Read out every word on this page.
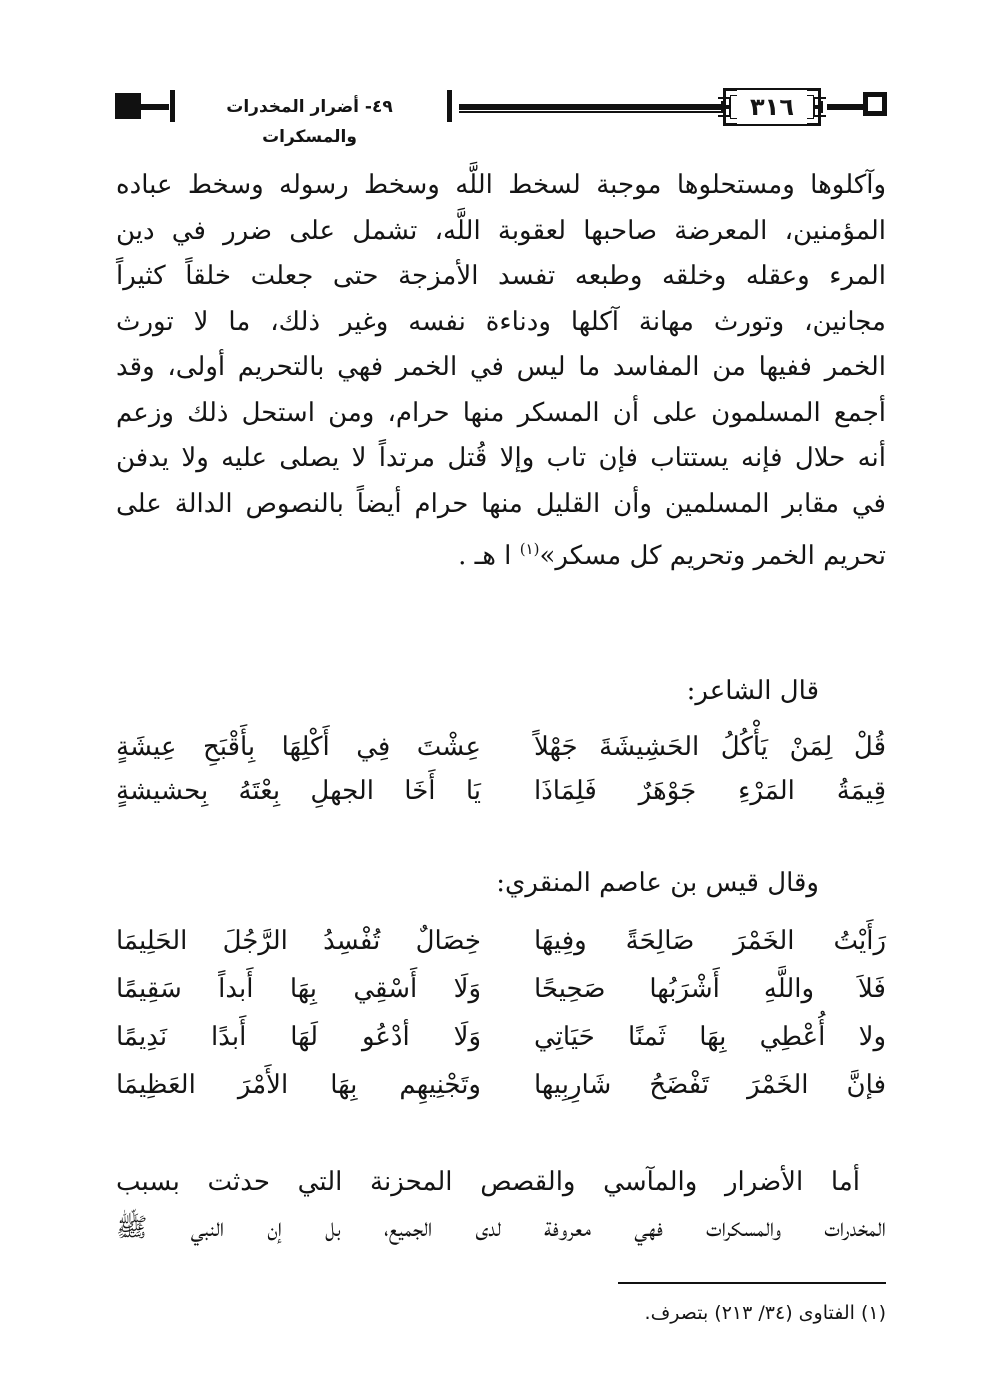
٤٩- أضرار المخدرات والمسكرات
٣١٦
وآكلوها ومستحلوها موجبة لسخط اللَّه وسخط رسوله وسخط عباده
المؤمنين، المعرضة صاحبها لعقوبة اللَّه، تشمل على ضرر في دين
المرء وعقله وخلقه وطبعه تفسد الأمزجة حتى جعلت خلقاً كثيراً
مجانين، وتورث مهانة آكلها ودناءة نفسه وغير ذلك، ما لا تورث
الخمر ففيها من المفاسد ما ليس في الخمر فهي بالتحريم أولى، وقد
أجمع المسلمون على أن المسكر منها حرام، ومن استحل ذلك وزعم
أنه حلال فإنه يستتاب فإن تاب وإلا قُتل مرتداً لا يصلى عليه ولا يدفن
في مقابر المسلمين وأن القليل منها حرام أيضاً بالنصوص الدالة على
تحريم الخمر وتحريم كل مسكر»$^{(١)}$ ا هـ .
قال الشاعر:
قُلْ لِمَنْ يَأْكُلُ الحَشِيشَةَ جَهْلاً
عِشْتَ فِي أَكْلِهَا بِأَقْبَحِ عِيشَةٍ
قِيمَةُ المَرْءِ جَوْهَرٌ فَلِمَاذَا
يَا أَخَا الجهلِ بِعْتَهُ بِحشيشةٍ
وقال قيس بن عاصم المنقري:
رَأَيْتُ الخَمْرَ صَالِحَةً وفِيهَا
خِصَالٌ تُفْسِدُ الرَّجُلَ الحَلِيمَا
فَلاَ واللَّهِ أَشْرَبُها صَحِيحًا
وَلَا أَسْقِي بِهَا أَبداً سَقِيمًا
ولا أُعْطِي بِهَا ثَمنًا حَيَاتِي
وَلَا أدْعُو لَهَا أَبدًا نَدِيمًا
فإنَّ الخَمْرَ تَفْضَحُ شَارِبِيها
وتَجْنِيهِم بِهَا الأَمْرَ العَظِيمَا
أما الأضرار والمآسي والقصص المحزنة التي حدثت بسبب
المخدرات والمسكرات فهي معروفة لدى الجميع، بل إن النبي ﷺ
(١) الفتاوى (٣٤/ ٢١٣) بتصرف.
